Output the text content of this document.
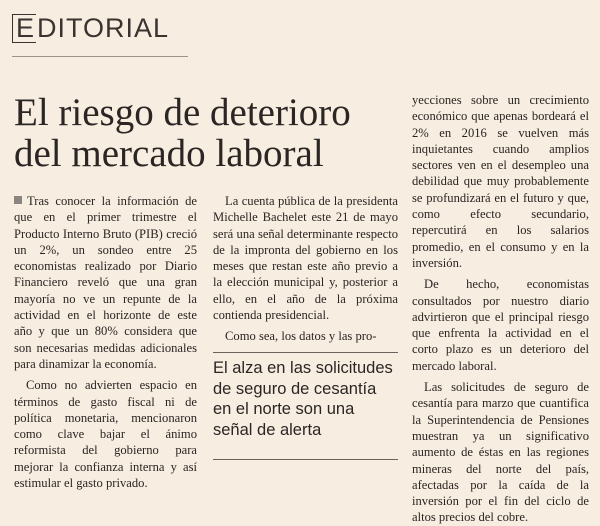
EDITORIAL
El riesgo de deterioro del mercado laboral

Tras conocer la información de que en el primer trimestre el Producto Interno Bruto (PIB) creció un 2%, un sondeo entre 25 economistas realizado por Diario Financiero reveló que una gran mayoría no ve un repunte de la actividad en el horizonte de este año y que un 80% considera que son necesarias medidas adicionales para dinamizar la economía.

Como no advierten espacio en términos de gasto fiscal ni de política monetaria, mencionaron como clave bajar el ánimo reformista del gobierno para mejorar la confianza interna y así estimular el gasto privado.

La cuenta pública de la presidenta Michelle Bachelet este 21 de mayo será una señal determinante respecto de la impronta del gobierno en los meses que restan este año previo a la elección municipal y, posterior a ello, en el año de la próxima contienda presidencial.

Como sea, los datos y las pro-

El alza en las solicitudes de seguro de cesantía en el norte son una señal de alerta

yecciones sobre un crecimiento económico que apenas bordeará el 2% en 2016 se vuelven más inquietantes cuando amplios sectores ven en el desempleo una debilidad que muy probablemente se profundizará en el futuro y que, como efecto secundario, repercutirá en los salarios promedio, en el consumo y en la inversión.

De hecho, economistas consultados por nuestro diario advirtieron que el principal riesgo que enfrenta la actividad en el corto plazo es un deterioro del mercado laboral.

Las solicitudes de seguro de cesantía para marzo que cuantifica la Superintendencia de Pensiones muestran ya un significativo aumento de éstas en las regiones mineras del norte del país, afectadas por la caída de la inversión por el fin del ciclo de altos precios del cobre.
